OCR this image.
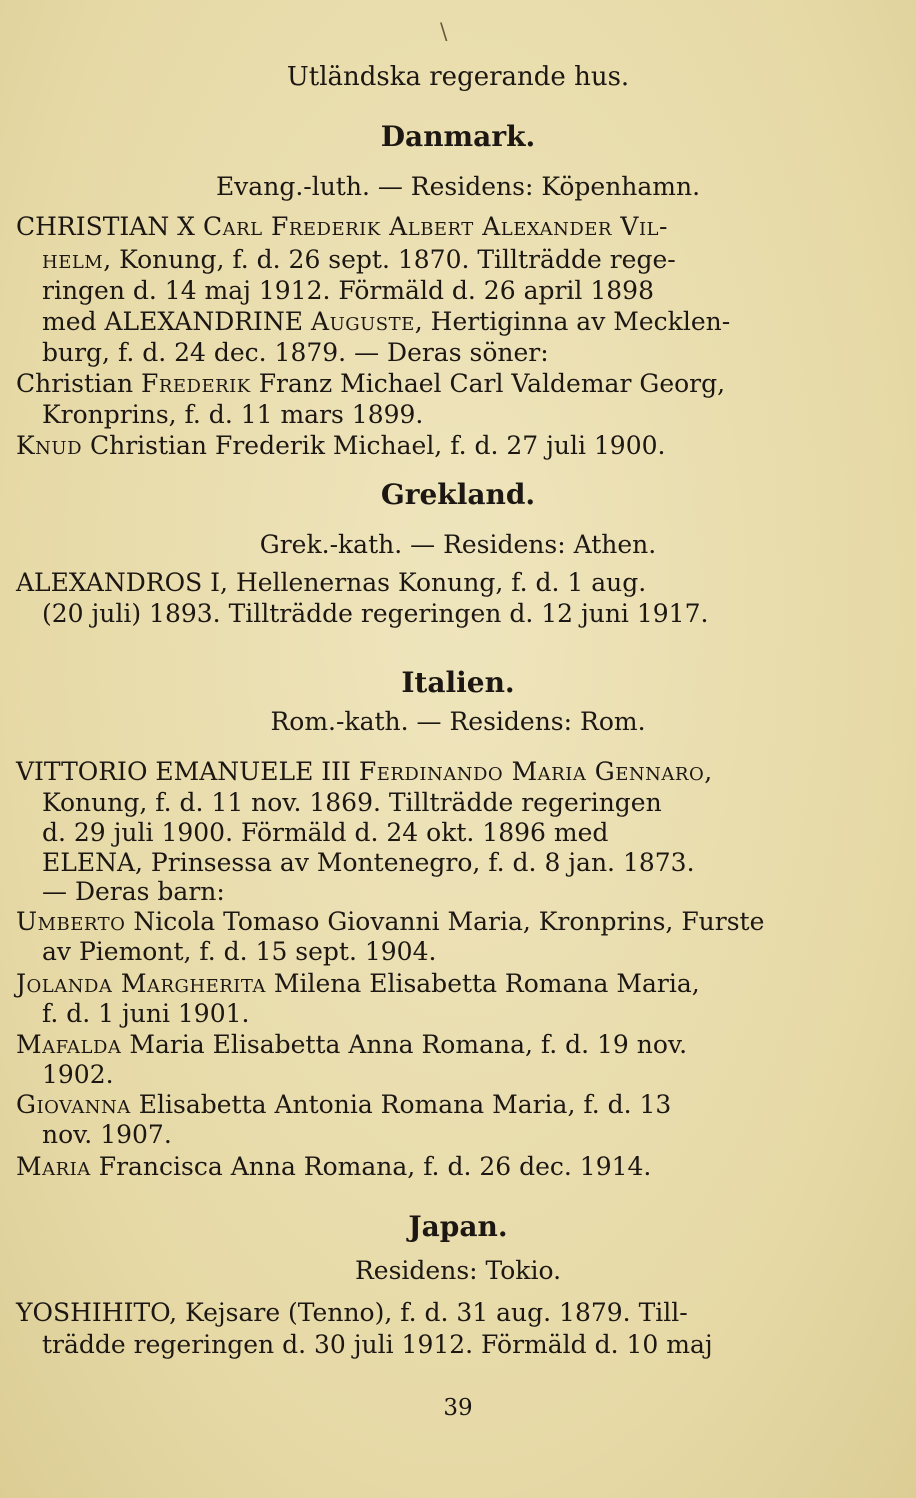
\
Utländska regerande hus.
Danmark.
Evang.-luth. — Residens: Köpenhamn.
CHRISTIAN X Carl Frederik Albert Alexander Vil-
helm, Konung, f. d. 26 sept. 1870. Tillträdde rege-
ringen d. 14 maj 1912. Förmäld d. 26 april 1898
med ALEXANDRINE Auguste, Hertiginna av Mecklen-
burg, f. d. 24 dec. 1879. — Deras söner:
Christian Frederik Franz Michael Carl Valdemar Georg,
Kronprins, f. d. 11 mars 1899.
Knud Christian Frederik Michael, f. d. 27 juli 1900.
Grekland.
Grek.-kath. — Residens: Athen.
ALEXANDROS I, Hellenernas Konung, f. d. 1 aug.
(20 juli) 1893. Tillträdde regeringen d. 12 juni 1917.
Italien.
Rom.-kath. — Residens: Rom.
VITTORIO EMANUELE III Ferdinando Maria Gennaro,
Konung, f. d. 11 nov. 1869. Tillträdde regeringen
d. 29 juli 1900. Förmäld d. 24 okt. 1896 med
ELENA, Prinsessa av Montenegro, f. d. 8 jan. 1873.
— Deras barn:
Umberto Nicola Tomaso Giovanni Maria, Kronprins, Furste
av Piemont, f. d. 15 sept. 1904.
Jolanda Margherita Milena Elisabetta Romana Maria,
f. d. 1 juni 1901.
Mafalda Maria Elisabetta Anna Romana, f. d. 19 nov.
1902.
Giovanna Elisabetta Antonia Romana Maria, f. d. 13
nov. 1907.
Maria Francisca Anna Romana, f. d. 26 dec. 1914.
Japan.
Residens: Tokio.
YOSHIHITO, Kejsare (Tenno), f. d. 31 aug. 1879. Till-
trädde regeringen d. 30 juli 1912. Förmäld d. 10 maj
39
